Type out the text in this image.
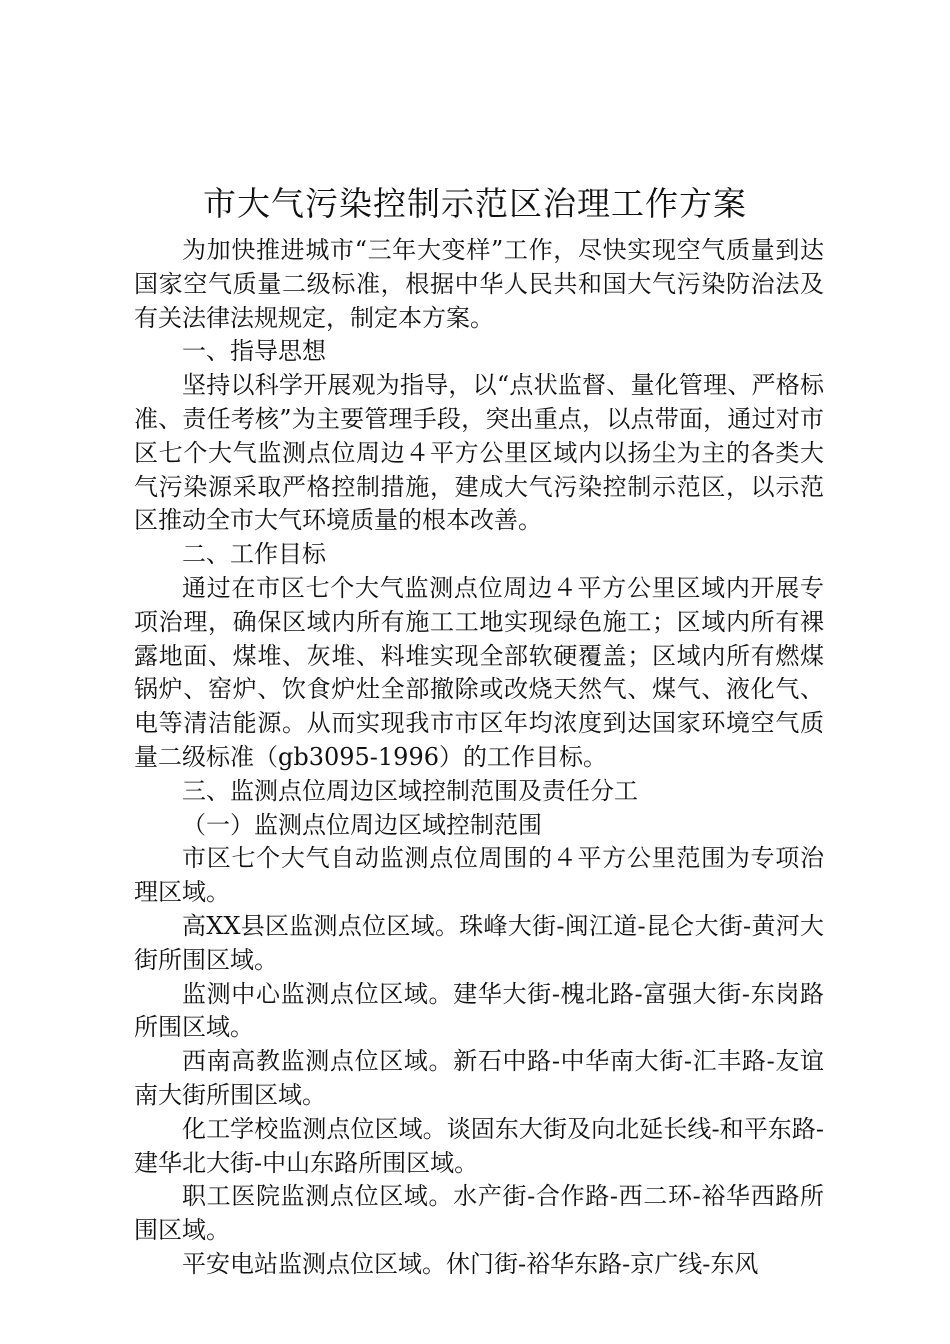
市大气污染控制示范区治理工作方案

为加快推进城市“三年大变样”工作，尽快实现空气质量到达国家空气质量二级标准，根据中华人民共和国大气污染防治法及有关法律法规规定，制定本方案。

一、指导思想

坚持以科学开展观为指导，以“点状监督、量化管理、严格标准、责任考核”为主要管理手段，突出重点，以点带面，通过对市区七个大气监测点位周边４平方公里区域内以扬尘为主的各类大气污染源采取严格控制措施，建成大气污染控制示范区，以示范区推动全市大气环境质量的根本改善。

二、工作目标

通过在市区七个大气监测点位周边４平方公里区域内开展专项治理，确保区域内所有施工工地实现绿色施工；区域内所有裸露地面、煤堆、灰堆、料堆实现全部软硬覆盖；区域内所有燃煤锅炉、窑炉、饮食炉灶全部撤除或改烧天然气、煤气、液化气、电等清洁能源。从而实现我市市区年均浓度到达国家环境空气质量二级标准（gb3095-1996）的工作目标。

三、监测点位周边区域控制范围及责任分工

（一）监测点位周边区域控制范围

市区七个大气自动监测点位周围的４平方公里范围为专项治理区域。

高XX县区监测点位区域。珠峰大街-闽江道-昆仑大街-黄河大街所围区域。

监测中心监测点位区域。建华大街-槐北路-富强大街-东岗路所围区域。

西南高教监测点位区域。新石中路-中华南大街-汇丰路-友谊南大街所围区域。

化工学校监测点位区域。谈固东大街及向北延长线-和平东路-建华北大街-中山东路所围区域。

职工医院监测点位区域。水产街-合作路-西二环-裕华西路所围区域。

平安电站监测点位区域。休门街-裕华东路-京广线-东风
